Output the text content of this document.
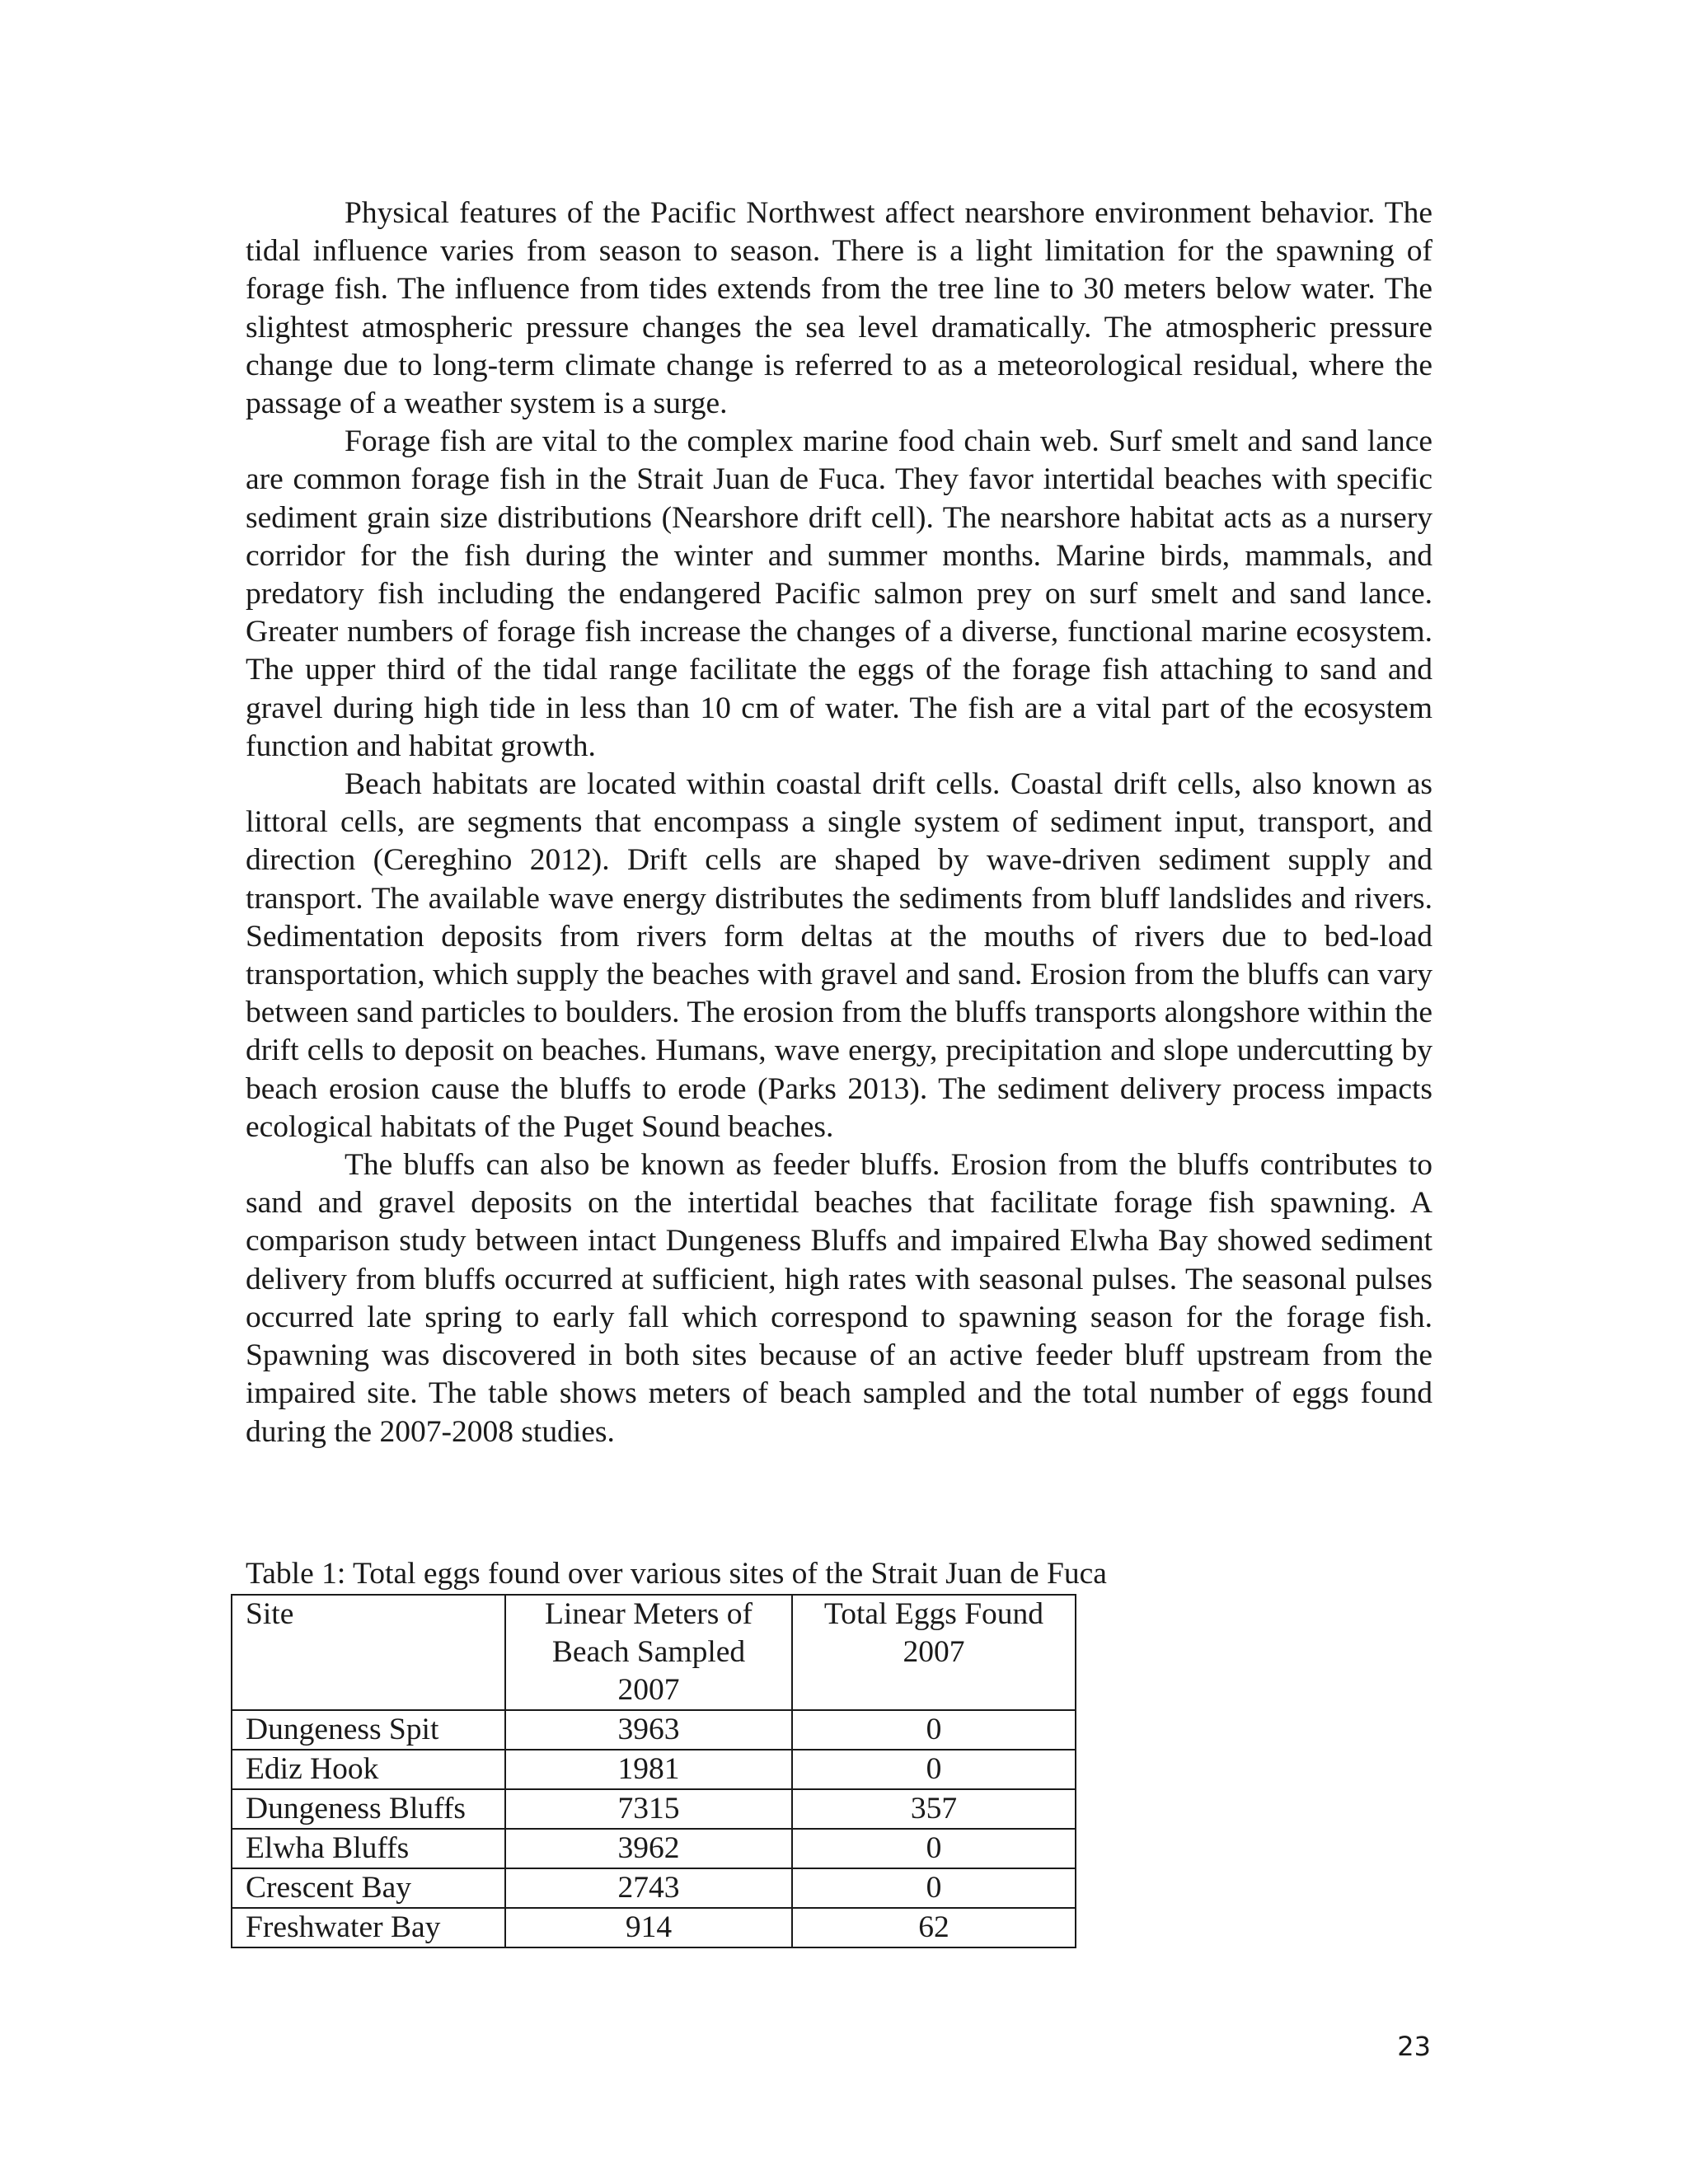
Physical features of the Pacific Northwest affect nearshore environment behavior. The tidal influence varies from season to season. There is a light limitation for the spawning of forage fish. The influence from tides extends from the tree line to 30 meters below water. The slightest atmospheric pressure changes the sea level dramatically. The atmospheric pressure change due to long-term climate change is referred to as a meteorological residual, where the passage of a weather system is a surge.

Forage fish are vital to the complex marine food chain web. Surf smelt and sand lance are common forage fish in the Strait Juan de Fuca. They favor intertidal beaches with specific sediment grain size distributions (Nearshore drift cell). The nearshore habitat acts as a nursery corridor for the fish during the winter and summer months. Marine birds, mammals, and predatory fish including the endangered Pacific salmon prey on surf smelt and sand lance. Greater numbers of forage fish increase the changes of a diverse, functional marine ecosystem. The upper third of the tidal range facilitate the eggs of the forage fish attaching to sand and gravel during high tide in less than 10 cm of water. The fish are a vital part of the ecosystem function and habitat growth.

Beach habitats are located within coastal drift cells. Coastal drift cells, also known as littoral cells, are segments that encompass a single system of sediment input, transport, and direction (Cereghino 2012). Drift cells are shaped by wave-driven sediment supply and transport. The available wave energy distributes the sediments from bluff landslides and rivers. Sedimentation deposits from rivers form deltas at the mouths of rivers due to bed-load transportation, which supply the beaches with gravel and sand. Erosion from the bluffs can vary between sand particles to boulders. The erosion from the bluffs transports alongshore within the drift cells to deposit on beaches. Humans, wave energy, precipitation and slope undercutting by beach erosion cause the bluffs to erode (Parks 2013). The sediment delivery process impacts ecological habitats of the Puget Sound beaches.

The bluffs can also be known as feeder bluffs. Erosion from the bluffs contributes to sand and gravel deposits on the intertidal beaches that facilitate forage fish spawning. A comparison study between intact Dungeness Bluffs and impaired Elwha Bay showed sediment delivery from bluffs occurred at sufficient, high rates with seasonal pulses. The seasonal pulses occurred late spring to early fall which correspond to spawning season for the forage fish. Spawning was discovered in both sites because of an active feeder bluff upstream from the impaired site. The table shows meters of beach sampled and the total number of eggs found during the 2007-2008 studies.

Table 1: Total eggs found over various sites of the Strait Juan de Fuca
Site	Linear Meters of Beach Sampled 2007	Total Eggs Found 2007
Dungeness Spit	3963	0
Ediz Hook	1981	0
Dungeness Bluffs	7315	357
Elwha Bluffs	3962	0
Crescent Bay	2743	0
Freshwater Bay	914	62
23
